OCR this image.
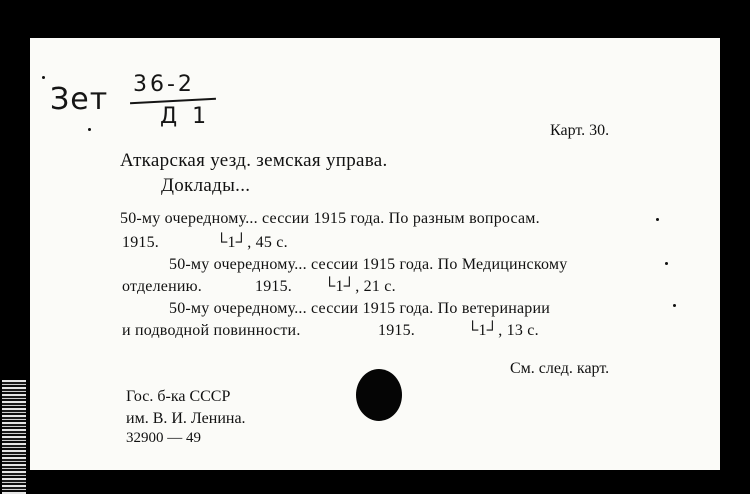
Зет 36-2
Д 1
Карт. 30.
Аткарская уезд. земская управа.
Доклады...
50-му очередному... сессии 1915 года. По разным вопросам.
1915.	└1┘, 45 с.
50-му очередному... сессии 1915 года. По Медицинскому
отделению.	1915. └1┘, 21 с.
50-му очередному... сессии 1915 года. По ветеринарии
и подводной повинности.	1915.	└1┘, 13 с.
См. след. карт.
Гос. б-ка СССР
им. В. И. Ленина.
32900 — 49
